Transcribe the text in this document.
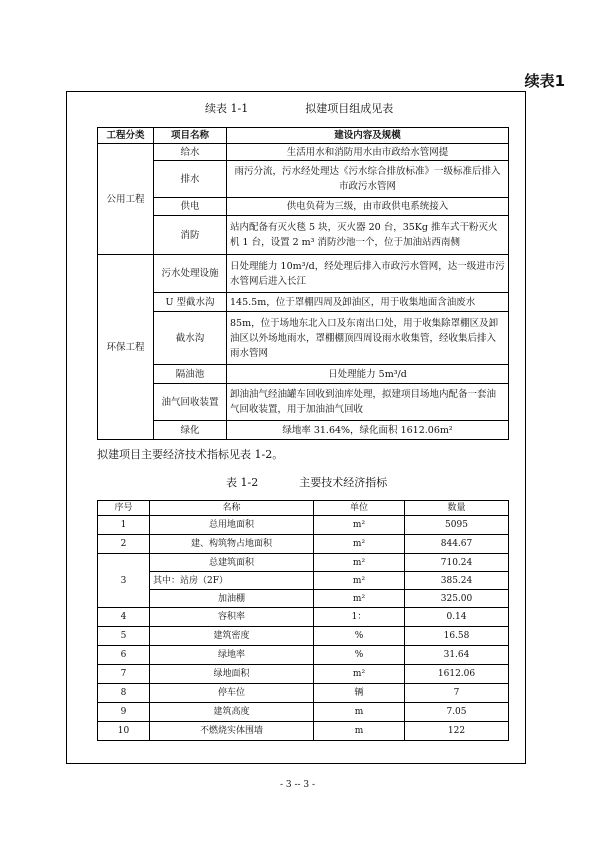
续表1
续表 1-1	拟建项目组成见表
工程分类	项目名称	建设内容及规模
公用工程	给水	生活用水和消防用水由市政给水管网提
	排水	雨污分流，污水经处理达《污水综合排放标准》一级标准后排入市政污水管网
	供电	供电负荷为三级，由市政供电系统接入
	消防	站内配备有灭火毯 5 块，灭火器 20 台，35Kg 推车式干粉灭火机 1 台，设置 2 m³ 消防沙池一个，位于加油站西南侧
环保工程	污水处理设施	日处理能力 10m³/d，经处理后排入市政污水管网，达一级进市污水管网后进入长江
	U 型截水沟	145.5m，位于罩棚四周及卸油区，用于收集地面含油废水
	截水沟	85m，位于场地东北入口及东南出口处，用于收集除罩棚区及卸油区以外场地雨水，罩棚棚顶四周设雨水收集管，经收集后排入雨水管网
	隔油池	日处理能力 5m³/d
	油气回收装置	卸油油气经油罐车回收到油库处理，拟建项目场地内配备一套油气回收装置，用于加油油气回收
	绿化	绿地率 31.64%，绿化面积 1612.06m²
拟建项目主要经济技术指标见表 1-2。
表 1-2	主要技术经济指标
序号	名称	单位	数量
1	总用地面积	m²	5095
2	建、构筑物占地面积	m²	844.67
3	总建筑面积	m²	710.24
	其中：站房（2F）	m²	385.24
	加油棚	m²	325.00
4	容积率	1：	0.14
5	建筑密度	%	16.58
6	绿地率	%	31.64
7	绿地面积	m²	1612.06
8	停车位	辆	7
9	建筑高度	m	7.05
10	不燃烧实体围墙	m	122
- 3 -- 3 -
